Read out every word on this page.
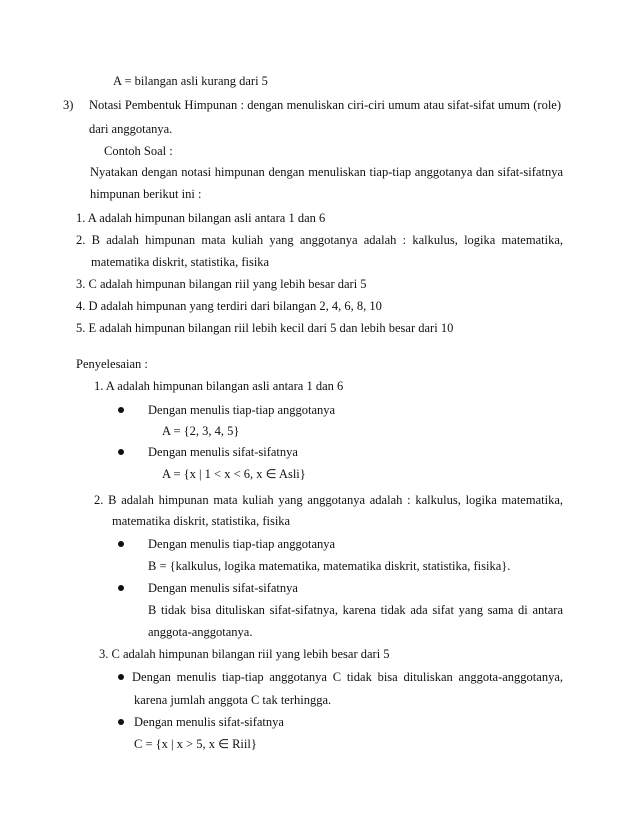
A = bilangan asli kurang dari 5
3) Notasi Pembentuk Himpunan : dengan menuliskan ciri-ciri umum atau sifat-sifat umum (role)
dari anggotanya.
Contoh Soal :
Nyatakan dengan notasi himpunan dengan menuliskan tiap-tiap anggotanya dan sifat-sifatnya
himpunan berikut ini :
1. A adalah himpunan bilangan asli antara 1 dan 6
2. B adalah himpunan mata kuliah yang anggotanya adalah : kalkulus, logika matematika,
matematika diskrit, statistika, fisika
3. C adalah himpunan bilangan riil yang lebih besar dari 5
4. D adalah himpunan yang terdiri dari bilangan 2, 4, 6, 8, 10
5. E adalah himpunan bilangan riil lebih kecil dari 5 dan lebih besar dari 10
Penyelesaian :
1. A adalah himpunan bilangan asli antara 1 dan 6
Dengan menulis tiap-tiap anggotanya
A = {2, 3, 4, 5}
Dengan menulis sifat-sifatnya
A = {x | 1 < x < 6, x ∈ Asli}
2. B adalah himpunan mata kuliah yang anggotanya adalah : kalkulus, logika matematika,
matematika diskrit, statistika, fisika
Dengan menulis tiap-tiap anggotanya
B = {kalkulus, logika matematika, matematika diskrit, statistika, fisika}.
Dengan menulis sifat-sifatnya
B tidak bisa dituliskan sifat-sifatnya, karena tidak ada sifat yang sama di antara
anggota-anggotanya.
3. C adalah himpunan bilangan riil yang lebih besar dari 5
Dengan menulis tiap-tiap anggotanya C tidak bisa dituliskan anggota-anggotanya,
karena jumlah anggota C tak terhingga.
Dengan menulis sifat-sifatnya
C = {x | x > 5, x ∈ Riil}
